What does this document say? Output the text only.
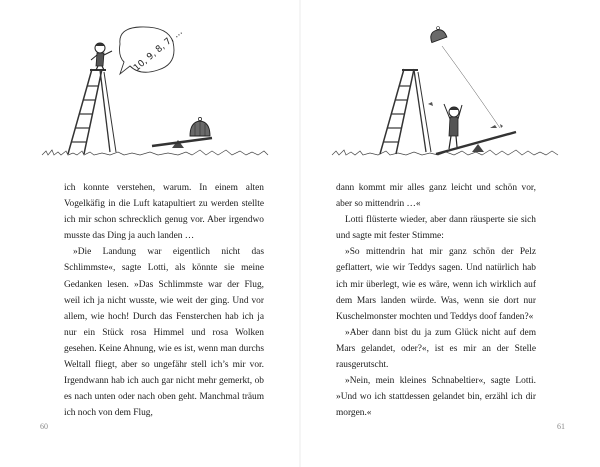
10, 9, 8, 7, ...

ich konnte verstehen, warum. In einem alten Vogelkäfig in die Luft katapultiert zu werden stellte ich mir schon schrecklich genug vor. Aber irgendwo musste das Ding ja auch landen …

»Die Landung war eigentlich nicht das Schlimmste«, sagte Lotti, als könnte sie meine Gedanken lesen. »Das Schlimmste war der Flug, weil ich ja nicht wusste, wie weit der ging. Und vor allem, wie hoch! Durch das Fensterchen hab ich ja nur ein Stück rosa Himmel und rosa Wolken gesehen. Keine Ahnung, wie es ist, wenn man durchs Weltall fliegt, aber so ungefähr stell ich’s mir vor. Irgendwann hab ich auch gar nicht mehr gemerkt, ob es nach unten oder nach oben geht. Manchmal träum ich noch von dem Flug,

60

dann kommt mir alles ganz leicht und schön vor, aber so mittendrin …«

Lotti flüsterte wieder, aber dann räusperte sie sich und sagte mit fester Stimme:

»So mittendrin hat mir ganz schön der Pelz geflattert, wie wir Teddys sagen. Und natürlich hab ich mir überlegt, wie es wäre, wenn ich wirklich auf dem Mars landen würde. Was, wenn sie dort nur Kuschelmonster mochten und Teddys doof fanden?«

»Aber dann bist du ja zum Glück nicht auf dem Mars gelandet, oder?«, ist es mir an der Stelle rausgerutscht.

»Nein, mein kleines Schnabeltier«, sagte Lotti. »Und wo ich stattdessen gelandet bin, erzähl ich dir morgen.«

61
